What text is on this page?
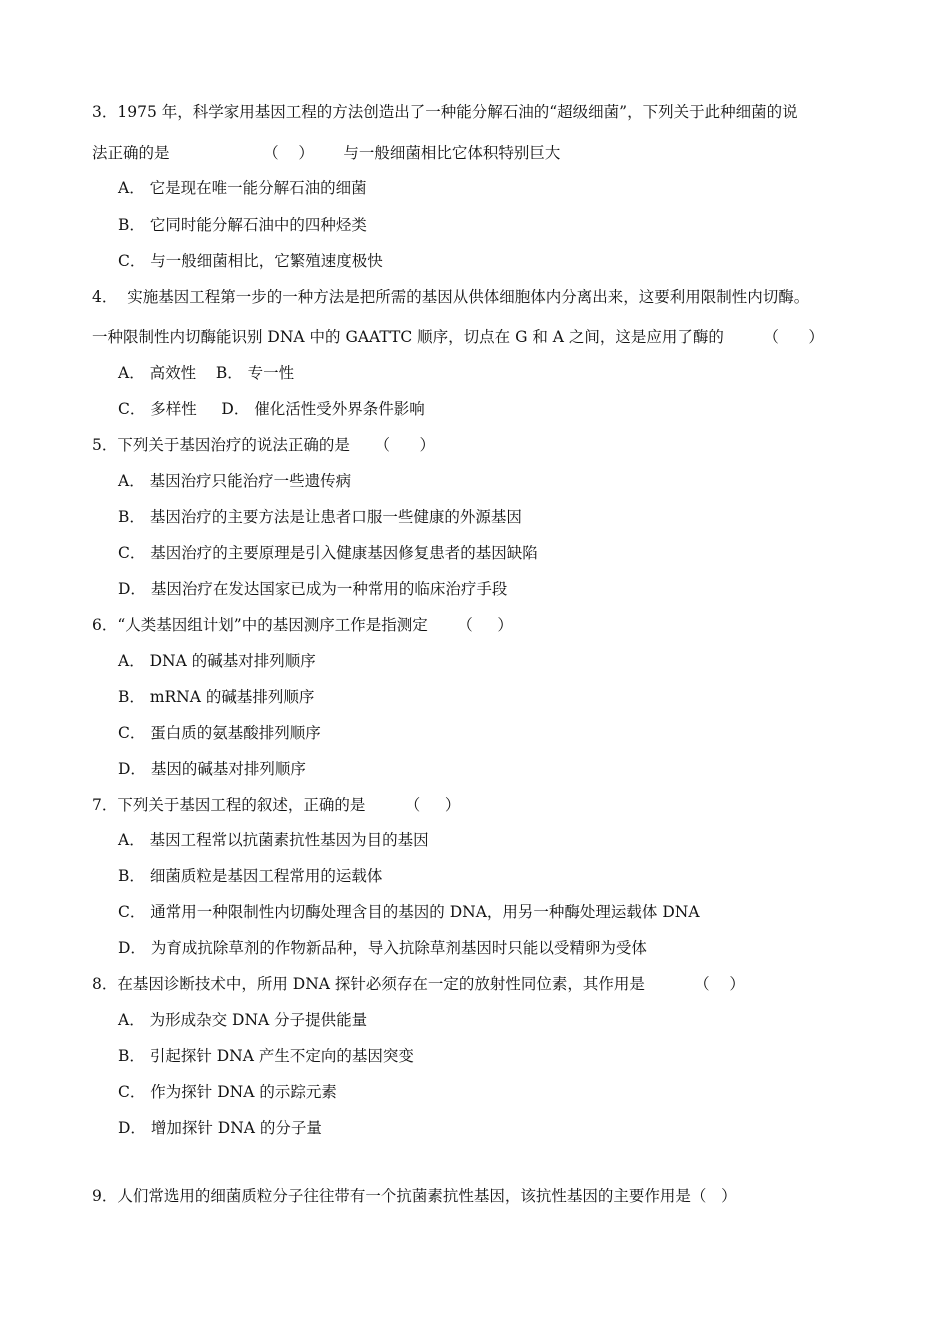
3．1975 年，科学家用基因工程的方法创造出了一种能分解石油的“超级细菌”，下列关于此种细菌的说
法正确的是                   （    ）      与一般细菌相比它体积特别巨大
A． 它是现在唯一能分解石油的细菌
B． 它同时能分解石油中的四种烃类
C． 与一般细菌相比，它繁殖速度极快
4．  实施基因工程第一步的一种方法是把所需的基因从供体细胞体内分离出来，这要利用限制性内切酶。
一种限制性内切酶能识别 DNA 中的 GAATTC 顺序，切点在 G 和 A 之间，这是应用了酶的        （      ）
A． 高效性    B． 专一性
C． 多样性     D． 催化活性受外界条件影响
5．下列关于基因治疗的说法正确的是     （      ）
A． 基因治疗只能治疗一些遗传病
B． 基因治疗的主要方法是让患者口服一些健康的外源基因
C． 基因治疗的主要原理是引入健康基因修复患者的基因缺陷
D． 基因治疗在发达国家已成为一种常用的临床治疗手段
6．“人类基因组计划”中的基因测序工作是指测定      （     ）
A． DNA 的碱基对排列顺序
B． mRNA 的碱基排列顺序
C． 蛋白质的氨基酸排列顺序
D． 基因的碱基对排列顺序
7．下列关于基因工程的叙述，正确的是        （     ）
A． 基因工程常以抗菌素抗性基因为目的基因
B． 细菌质粒是基因工程常用的运载体
C． 通常用一种限制性内切酶处理含目的基因的 DNA，用另一种酶处理运载体 DNA
D． 为育成抗除草剂的作物新品种，导入抗除草剂基因时只能以受精卵为受体
8．在基因诊断技术中，所用 DNA 探针必须存在一定的放射性同位素，其作用是          （    ）
A． 为形成杂交 DNA 分子提供能量
B． 引起探针 DNA 产生不定向的基因突变
C． 作为探针 DNA 的示踪元素
D． 增加探针 DNA 的分子量
9．人们常选用的细菌质粒分子往往带有一个抗菌素抗性基因，该抗性基因的主要作用是（   ）
